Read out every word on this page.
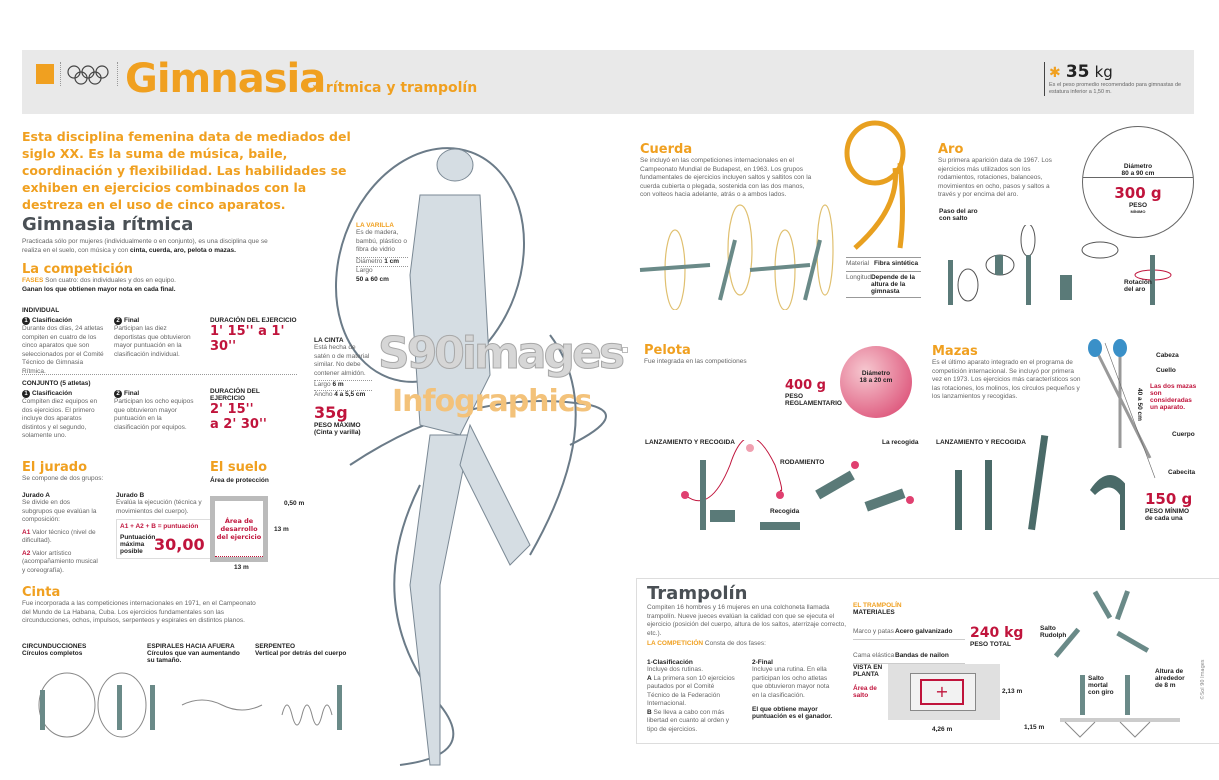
Gimnasia
» rítmica y trampolín
✱ 35 kg
Es el peso promedio recomendado para gimnastas de estatura inferior a 1,50 m.
Esta disciplina femenina data de mediados del siglo XX. Es la suma de música, baile, coordinación y flexibilidad. Las habilidades se exhiben en ejercicios combinados con la destreza en el uso de cinco aparatos.
S90images
Infographics
Gimnasia rítmica
Practicada sólo por mujeres (individualmente o en conjunto), es una disciplina que se realiza en el suelo, con música y con cinta, cuerda, aro, pelota o mazas.
La competición
FASES Son cuatro: dos individuales y dos en equipo.
Ganan los que obtienen mayor nota en cada final.
INDIVIDUAL
1 Clasificación
Durante dos días, 24 atletas compiten en cuatro de los cinco aparatos que son seleccionados por el Comité Técnico de Gimnasia Rítmica.
2 Final
Participan las diez deportistas que obtuvieron mayor puntuación en la clasificación individual.
DURACIÓN DEL EJERCICIO
1' 15'' a 1' 30''
CONJUNTO (5 atletas)
1 Clasificación
Compiten diez equipos en dos ejercicios. El primero incluye dos aparatos distintos y el segundo, solamente uno.
2 Final
Participan los ocho equipos que obtuvieron mayor puntuación en la clasificación por equipos.
DURACIÓN DEL EJERCICIO
2' 15''
a 2' 30''
El jurado
Se compone de dos grupos:
Jurado A
Se divide en dos subgrupos que evalúan la composición:
A1 Valor técnico (nivel de dificultad).
A2 Valor artístico (acompañamiento musical y coreografía).
Jurado B
Evalúa la ejecución (técnica y movimientos del cuerpo).
A1 + A2 + B = puntuación
Puntuación máxima posible 30,00
El suelo
Área de protección
Área de desarrollo del ejercicio
0,50 m
13 m
13 m
Cinta
Fue incorporada a las competiciones internacionales en 1971, en el Campeonato del Mundo de La Habana, Cuba. Los ejercicios fundamentales son las circunducciones, ochos, impulsos, serpenteos y espirales en distintos planos.
CIRCUNDUCCIONES
Círculos completos
ESPIRALES HACIA AFUERA
Círculos que van aumentando su tamaño.
SERPENTEO
Vertical por detrás del cuerpo
LA VARILLA
Es de madera, bambú, plástico o fibra de vidrio
Diámetro 1 cm
Largo
50 a 60 cm
LA CINTA
Está hecha de satén o de material similar. No debe contener almidón.
Largo 6 m
Ancho 4 a 5,5 cm
35g
PESO MÁXIMO
(Cinta y varilla)
Cuerda
Se incluyó en las competiciones internacionales en el Campeonato Mundial de Budapest, en 1963. Los grupos fundamentales de ejercicios incluyen saltos y saltitos con la cuerda cubierta o plegada, sostenida con las dos manos, con volteos hacia adelante, atrás o a ambos lados.
Material Fibra sintética
Longitud Depende de la altura de la gimnasta
Aro
Su primera aparición data de 1967. Los ejercicios más utilizados son los rodamientos, rotaciones, balanceos, movimientos en ocho, pasos y saltos a través y por encima del aro.
Diámetro
80 a 90 cm
300 g
PESO
MÍNIMO
Paso del aro con salto
Rotación del aro
Pelota
Fue integrada en las competiciones
400 g
PESO
REGLAMENTARIO
Diámetro
18 a 20 cm
LANZAMIENTO Y RECOGIDA
RODAMIENTO
Recogida
La recogida
Mazas
Es el último aparato integrado en el programa de competición internacional. Se incluyó por primera vez en 1973. Los ejercicios más característicos son las rotaciones, los molinos, los círculos pequeños y los lanzamientos y recogidas.
LANZAMIENTO Y RECOGIDA
40 a 50 cm
Cabeza
Cuello
Cuerpo
Cabecita
Las dos mazas son consideradas un aparato.
150 g
PESO MÍNIMO
de cada una
+
Trampolín
Compiten 16 hombres y 16 mujeres en una colchoneta llamada trampolín. Nueve jueces evalúan la calidad con que se ejecuta el ejercicio (posición del cuerpo, altura de los saltos, aterrizaje correcto, etc.).
LA COMPETICIÓN Consta de dos fases:
1-Clasificación
Incluye dos rutinas.
A La primera son 10 ejercicios pautados por el Comité Técnico de la Federación Internacional.
B Se lleva a cabo con más libertad en cuanto al orden y tipo de ejercicios.
2-Final
Incluye una rutina. En ella participan los ocho atletas que obtuvieron mayor nota en la clasificación.
El que obtiene mayor puntuación es el ganador.
EL TRAMPOLÍN
MATERIALES
Marco y patasAcero galvanizado
Cama elásticaBandas de nailon
240 kg
PESO TOTAL
VISTA EN PLANTA
Área de salto
2,13 m
4,26 m	1,15 m
Salto Rudolph
Salto mortal con giro
Altura de alrededor de 8 m	©Sol 90 Images
